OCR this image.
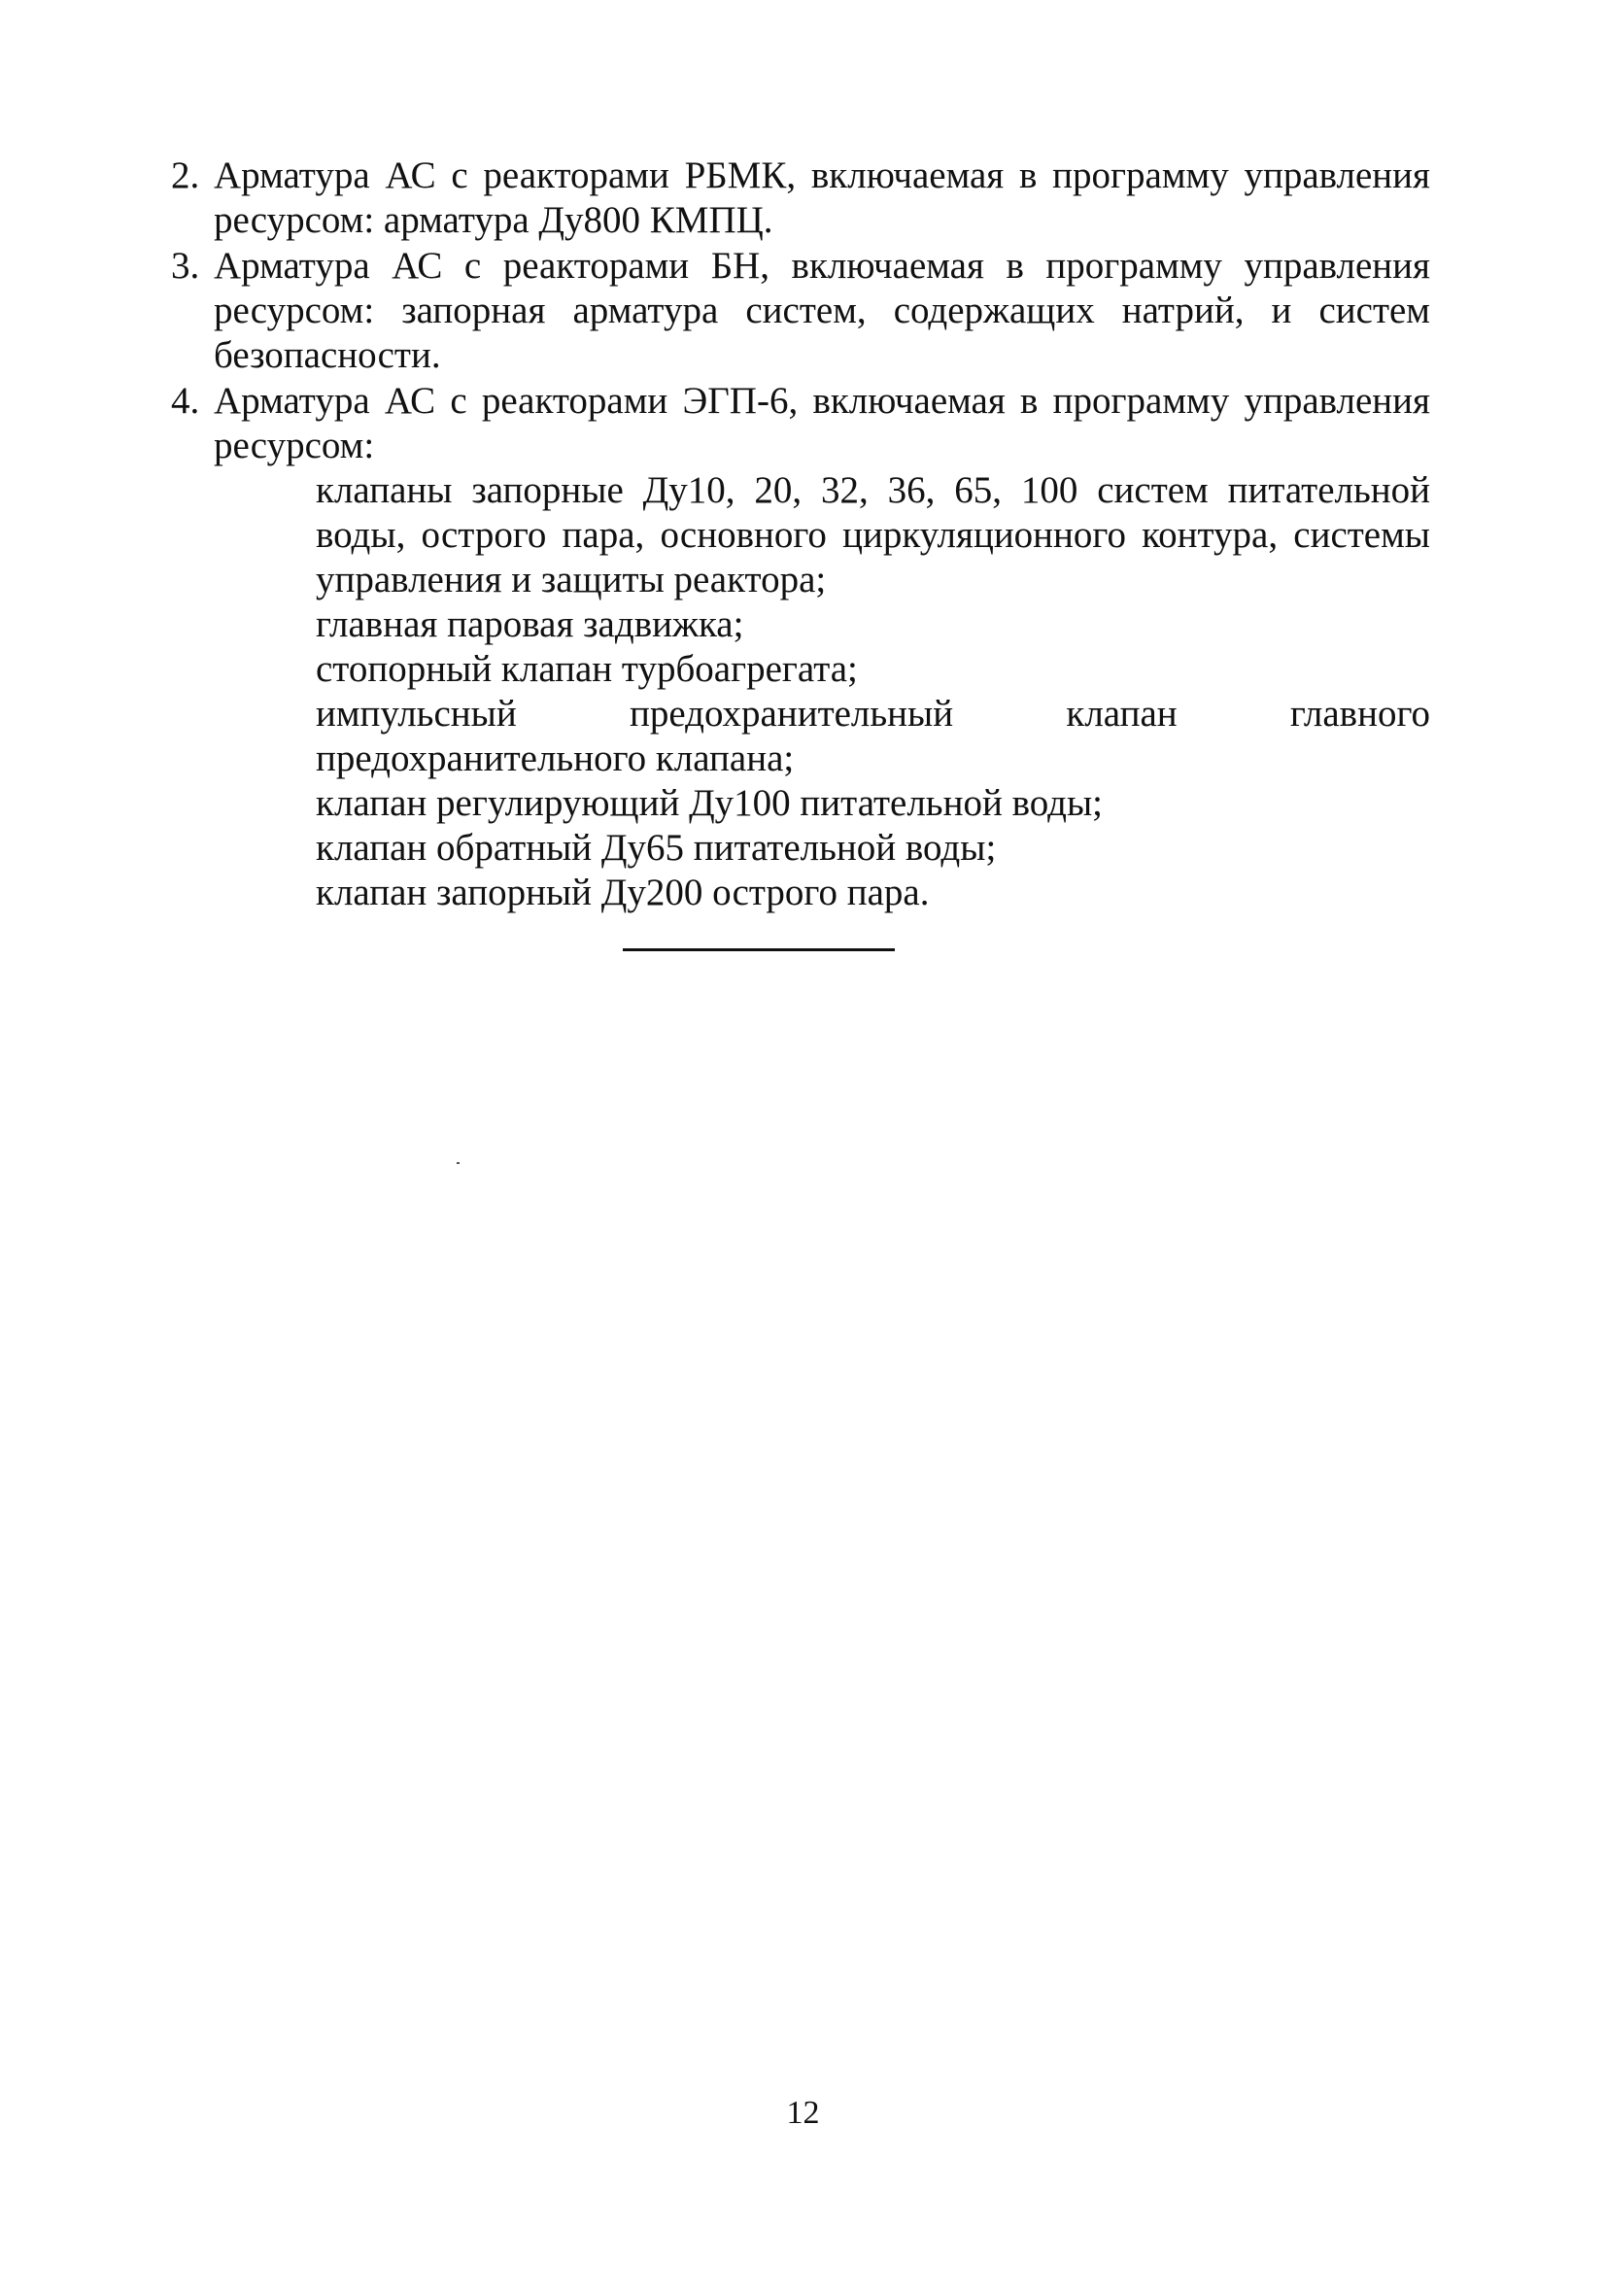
2. Арматура АС с реакторами РБМК, включаемая в программу управления ресурсом: арматура Ду800 КМПЦ.
3. Арматура АС с реакторами БН, включаемая в программу управления ресурсом: запорная арматура систем, содержащих натрий, и систем безопасности.
4. Арматура АС с реакторами ЭГП-6, включаемая в программу управления ресурсом:
клапаны запорные Ду10, 20, 32, 36, 65, 100 систем питательной воды, острого пара, основного циркуляционного контура, системы управления и защиты реактора;
главная паровая задвижка;
стопорный клапан турбоагрегата;
импульсный предохранительный клапан главного предохранительного клапана;
клапан регулирующий Ду100 питательной воды;
клапан обратный Ду65 питательной воды;
клапан запорный Ду200 острого пара.
12
